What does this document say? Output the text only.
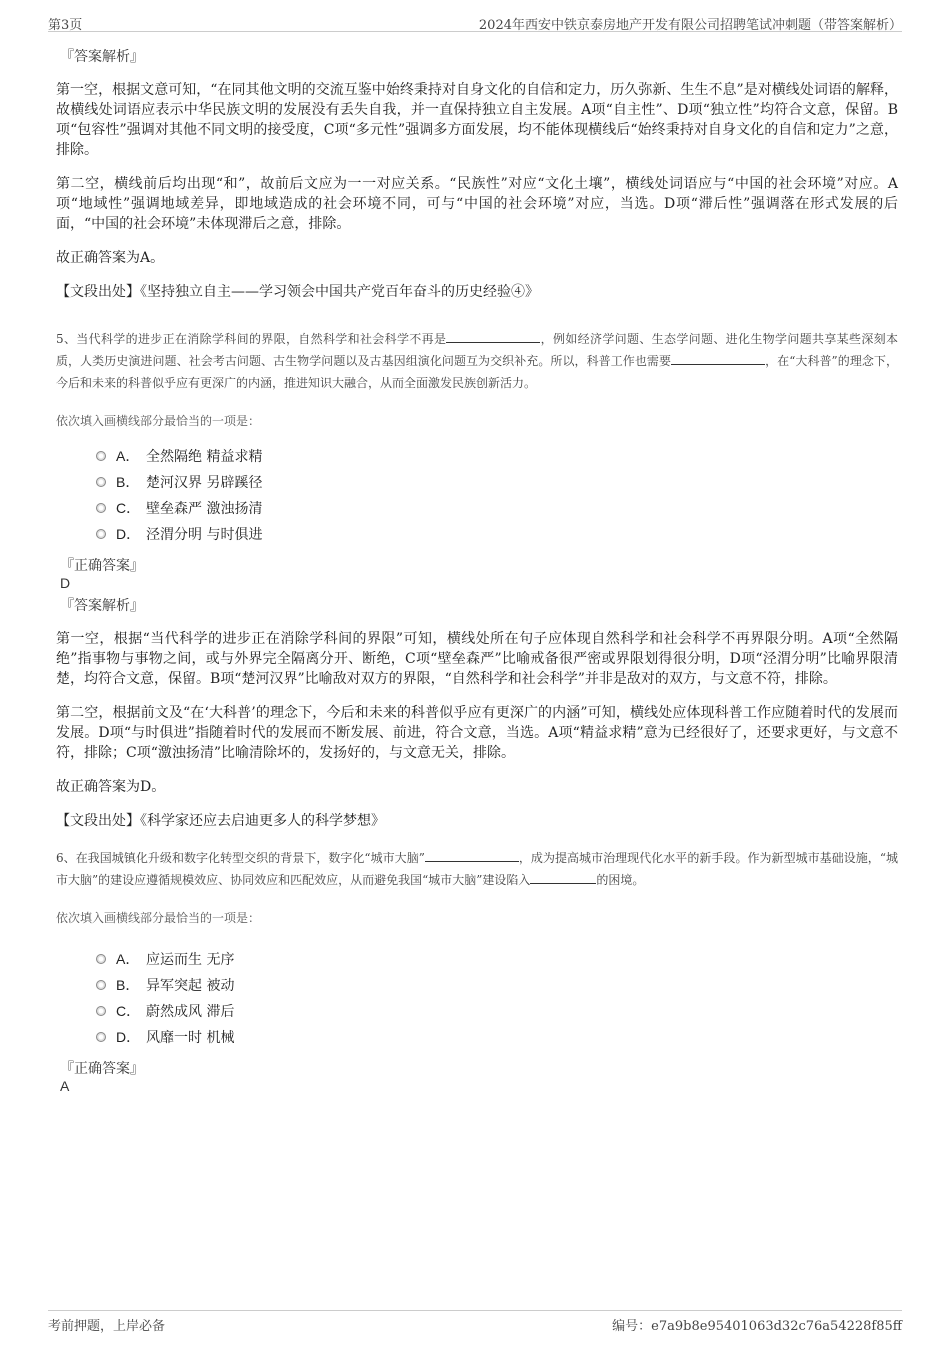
第3页	2024年西安中铁京泰房地产开发有限公司招聘笔试冲刺题（带答案解析）
『答案解析』

第一空，根据文意可知，“在同其他文明的交流互鉴中始终秉持对自身文化的自信和定力，历久弥新、生生不息”是对横线处词语的解释，故横线处词语应表示中华民族文明的发展没有丢失自我，并一直保持独立自主发展。A项“自主性”、D项“独立性”均符合文意，保留。B项“包容性”强调对其他不同文明的接受度，C项“多元性”强调多方面发展，均不能体现横线后“始终秉持对自身文化的自信和定力”之意，排除。

第二空，横线前后均出现“和”，故前后文应为一一对应关系。“民族性”对应“文化土壤”，横线处词语应与“中国的社会环境”对应。A项“地域性”强调地域差异，即地域造成的社会环境不同，可与“中国的社会环境”对应，当选。D项“滞后性”强调落在形式发展的后面，“中国的社会环境”未体现滞后之意，排除。

故正确答案为A。

【文段出处】《坚持独立自主——学习领会中国共产党百年奋斗的历史经验④》

5、当代科学的进步正在消除学科间的界限，自然科学和社会科学不再是	，例如经济学问题、生态学问题、进化生物学问题共享某些深刻本质，人类历史演进问题、社会考古问题、古生物学问题以及古基因组演化问题互为交织补充。所以，科普工作也需要	，在“大科普”的理念下，今后和未来的科普似乎应有更深广的内涵，推进知识大融合，从而全面激发民族创新活力。

依次填入画横线部分最恰当的一项是：

A． 全然隔绝 精益求精
B． 楚河汉界 另辟蹊径
C． 壁垒森严 激浊扬清
D． 泾渭分明 与时俱进
『正确答案』
D
『答案解析』

第一空，根据“当代科学的进步正在消除学科间的界限”可知，横线处所在句子应体现自然科学和社会科学不再界限分明。A项“全然隔绝”指事物与事物之间，或与外界完全隔离分开、断绝，C项“壁垒森严”比喻戒备很严密或界限划得很分明，D项“泾渭分明”比喻界限清楚，均符合文意，保留。B项“楚河汉界”比喻敌对双方的界限，“自然科学和社会科学”并非是敌对的双方，与文意不符，排除。

第二空，根据前文及“在‘大科普’的理念下，今后和未来的科普似乎应有更深广的内涵”可知，横线处应体现科普工作应随着时代的发展而发展。D项“与时俱进”指随着时代的发展而不断发展、前进，符合文意，当选。A项“精益求精”意为已经很好了，还要求更好，与文意不符，排除；C项“激浊扬清”比喻清除坏的，发扬好的，与文意无关，排除。

故正确答案为D。

【文段出处】《科学家还应去启迪更多人的科学梦想》

6、在我国城镇化升级和数字化转型交织的背景下，数字化“城市大脑”	，成为提高城市治理现代化水平的新手段。作为新型城市基础设施，“城市大脑”的建设应遵循规模效应、协同效应和匹配效应，从而避免我国“城市大脑”建设陷入	的困境。

依次填入画横线部分最恰当的一项是：

A． 应运而生 无序
B． 异军突起 被动
C． 蔚然成风 滞后
D． 风靡一时 机械
『正确答案』
A
考前押题，上岸必备	编号：e7a9b8e95401063d32c76a54228f85ff
